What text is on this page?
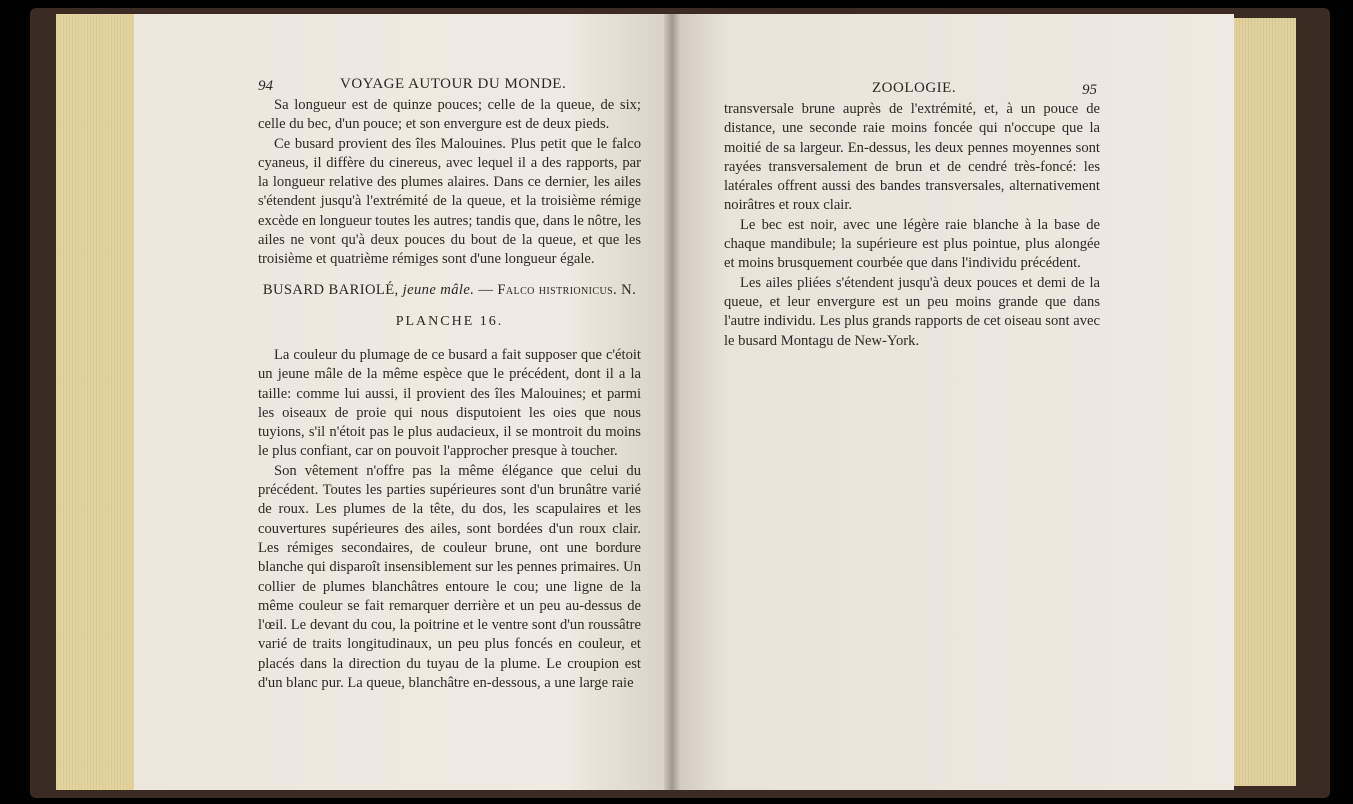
94	VOYAGE AUTOUR DU MONDE.

Sa longueur est de quinze pouces; celle de la queue, de six; celle du bec, d'un pouce; et son envergure est de deux pieds.

Ce busard provient des îles Malouines. Plus petit que le falco cyaneus, il diffère du cinereus, avec lequel il a des rapports, par la longueur relative des plumes alaires. Dans ce dernier, les ailes s'étendent jusqu'à l'extrémité de la queue, et la troisième rémige excède en longueur toutes les autres; tandis que, dans le nôtre, les ailes ne vont qu'à deux pouces du bout de la queue, et que les troisième et quatrième rémiges sont d'une longueur égale.

BUSARD BARIOLÉ, jeune mâle. — Falco histrionicus. N.
PLANCHE 16.

La couleur du plumage de ce busard a fait supposer que c'étoit un jeune mâle de la même espèce que le précédent, dont il a la taille: comme lui aussi, il provient des îles Malouines; et parmi les oiseaux de proie qui nous disputoient les oies que nous tuyions, s'il n'étoit pas le plus audacieux, il se montroit du moins le plus confiant, car on pouvoit l'approcher presque à toucher.

Son vêtement n'offre pas la même élégance que celui du précédent. Toutes les parties supérieures sont d'un brunâtre varié de roux. Les plumes de la tête, du dos, les scapulaires et les couvertures supérieures des ailes, sont bordées d'un roux clair. Les rémiges secondaires, de couleur brune, ont une bordure blanche qui disparoît insensiblement sur les pennes primaires. Un collier de plumes blanchâtres entoure le cou; une ligne de la même couleur se fait remarquer derrière et un peu au-dessus de l'œil. Le devant du cou, la poitrine et le ventre sont d'un roussâtre varié de traits longitudinaux, un peu plus foncés en couleur, et placés dans la direction du tuyau de la plume. Le croupion est d'un blanc pur. La queue, blanchâtre en-dessous, a une large raie

ZOOLOGIE.	95

transversale brune auprès de l'extrémité, et, à un pouce de distance, une seconde raie moins foncée qui n'occupe que la moitié de sa largeur. En-dessus, les deux pennes moyennes sont rayées transversalement de brun et de cendré très-foncé: les latérales offrent aussi des bandes transversales, alternativement noirâtres et roux clair.

Le bec est noir, avec une légère raie blanche à la base de chaque mandibule; la supérieure est plus pointue, plus alongée et moins brusquement courbée que dans l'individu précédent.

Les ailes pliées s'étendent jusqu'à deux pouces et demi de la queue, et leur envergure est un peu moins grande que dans l'autre individu. Les plus grands rapports de cet oiseau sont avec le busard Montagu de New-York.
